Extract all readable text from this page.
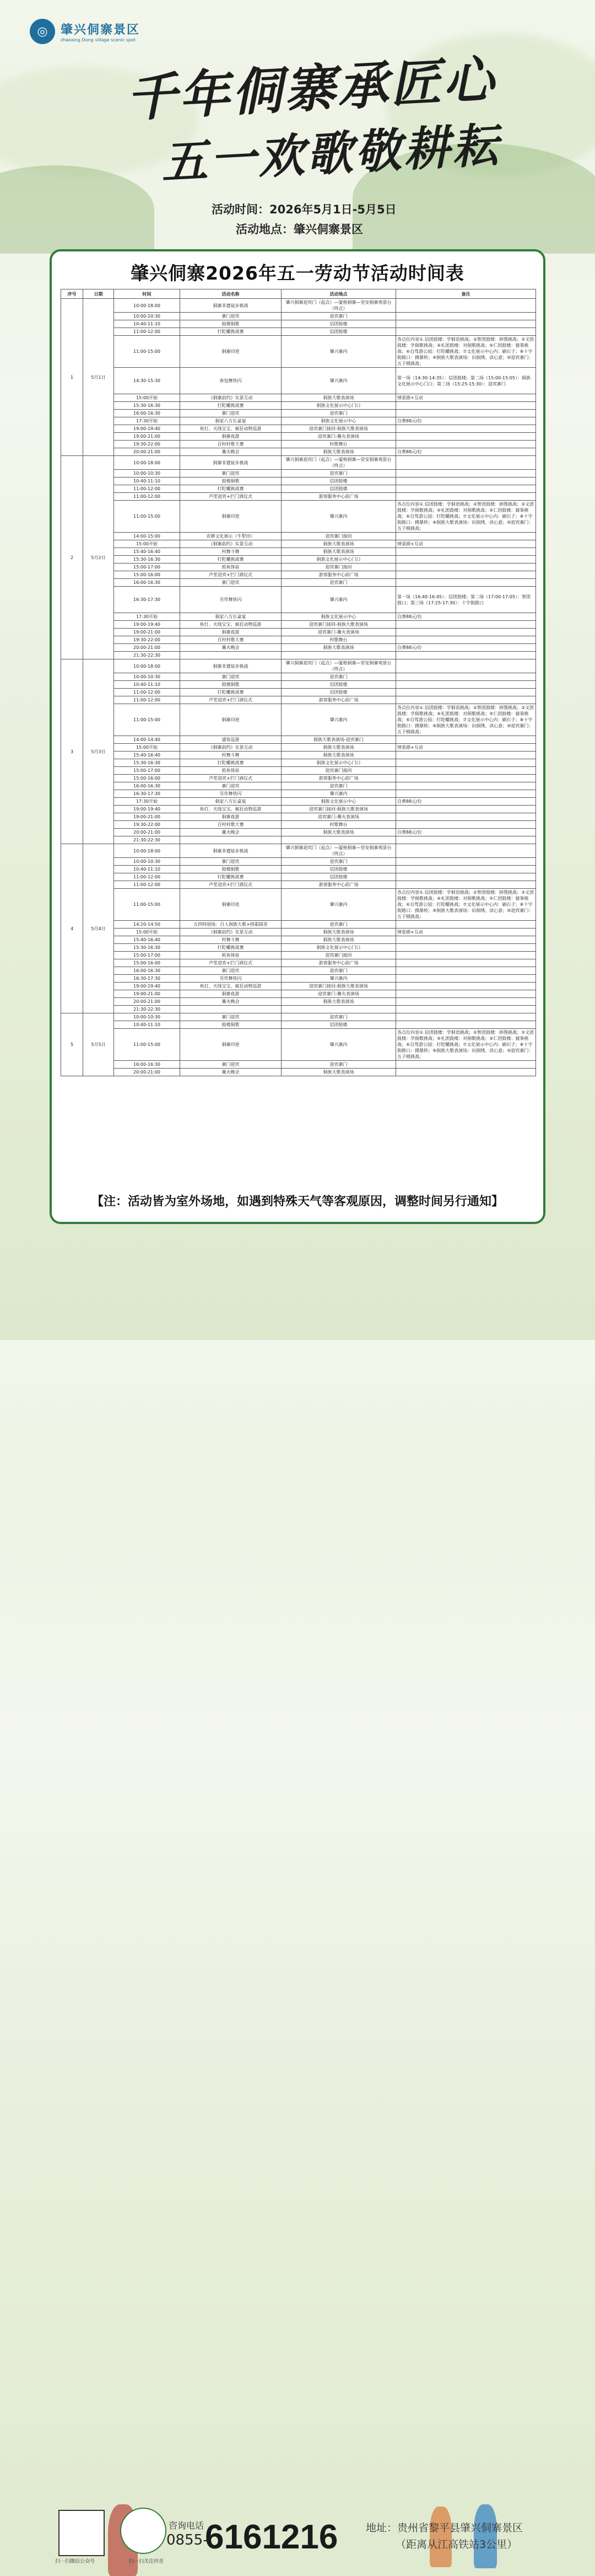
◎	肇兴侗寨景区
zhaoxing Dong village scenic spot
千年侗寨承匠心
五一欢歌敬耕耘
活动时间：2026年5月1日-5月5日
活动地点：肇兴侗寨景区
肇兴侗寨2026年五一劳动节活动时间表
序号	日期	时间	活动名称	活动地点	备注
1	5月1日	10:00-18:00	侗寨非遗徒步挑战	肇兴侗寨迎宾门（起点）—厦格侗寨—堂安侗寨观景台（终点）	
		10:00-10:30	寨门迎宾	迎宾寨门	
		10:40-11:10	鼓楼侗歌	信团鼓楼	
		11:00-12:00	打陀螺挑战赛	信团鼓楼	
		11:00-15:00	侗寨印迹	肇兴寨内	各点位内容①.信团鼓楼：学侗语挑战；②智团鼓楼：拼图挑战；③义团鼓楼：学侗歌挑战；④礼团鼓楼：对侗歌挑战；⑤仁团鼓楼：猜拳挑战；⑥自驾游公园：打陀螺挑战；⑦文化展示中心内：刷石子；⑧十字街路口：摸鼎转；⑨侗族大歌表演场：识侗绣、读心意；⑩迎宾寨门：五子棋挑战；
		14:30-15:30	春包舞快闪	肇兴寨内	第一场（14:30-14:35）：信团鼓楼；第二场（15:00-15:05）：侗族文化展示中心门口；第三场（15:25-15:30）：迎宾寨门
		15:00开始	《侗寨前约》实景互动	侗族大歌表演场	情景剧+互动
		15:30-16:30	打陀螺挑战赛	侗族文化展示中心门口	
		16:00-16:30	寨门迎宾	迎宾寨门	
		17:30开始	侗家八方长桌宴	侗族文化展示中心	自费88元/位
		19:00-19:40	鱼灯、天线宝宝、疯狂动物巡游	迎宾寨门接回-侗族大歌表演场	
		19:00-21:00	侗寨夜游	迎宾寨门-篝火表演场	
		19:30-22:00	百村村歌大赛	村歌舞台	
		20:00-21:00	篝火晚会	侗族大歌表演场	自费88元/位
2	5月2日	10:00-18:00	侗寨非遗徒步挑战	肇兴侗寨迎宾门（起点）—厦格侗寨—堂安侗寨观景台（终点）	
		10:00-10:30	寨门迎宾	迎宾寨门	
		10:40-11:10	鼓楼侗歌	信团鼓楼	
		11:00-12:00	打陀螺挑战赛	信团鼓楼	
		11:00-12:00	芦笙迎宾+拦门酒仪式	游客服务中心前广场	
		11:00-15:00	侗寨印迹	肇兴寨内	各点位内容①.信团鼓楼：学侗语挑战；②智团鼓楼：拼图挑战；③义团鼓楼：学侗歌挑战；④礼团鼓楼：对侗歌挑战；⑤仁团鼓楼：猜拳挑战；⑥自驾游公园：打陀螺挑战；⑦文化展示中心内：刷石子；⑧十字街路口：摸鼎转；⑨侗族大歌表演场：识侗绣、读心意；⑩迎宾寨门：五子棋挑战；
		14:00-15:00	农耕文化展示（牛犁田）	迎宾寨门接回	
		15:00开始	《侗寨前约》实景互动	侗族大歌表演场	情景剧+互动
		15:40-16:40	村舞斗舞	侗族大歌表演场	
		15:30-16:30	打陀螺挑战赛	侗族文化展示中心门口	
		15:00-17:00	抓鱼体验	迎宾寨门接回	
		15:00-16:00	芦笙迎宾+拦门酒仪式	游客服务中心前广场	
		16:00-16:30	寨门迎宾	迎宾寨门	
		16:30-17:30	另作舞快闪	肇兴寨内	第一场（16:40-16:45）：信团鼓楼；第二场（17:00-17:05）：智团鼓口；第三场（17:25-17:30）：十字街路口
		17:30开始	侗家八方长桌宴	侗族文化展示中心	自费88元/位
		19:00-19:40	鱼灯、天线宝宝、疯狂动物巡游	迎宾寨门接回-侗族大歌表演场	
		19:00-21:00	侗寨夜游	迎宾寨门-篝火表演场	
		19:30-22:00	百村村歌大赛	村歌舞台	
		20:00-21:00	篝火晚会	侗族大歌表演场	自费88元/位
		21:30-22:30			
3	5月3日	10:00-18:00	侗寨非遗徒步挑战	肇兴侗寨迎宾门（起点）—厦格侗寨—堂安侗寨观景台（终点）	
		10:00-10:30	寨门迎宾	迎宾寨门	
		10:40-11:10	鼓楼侗歌	信团鼓楼	
		11:00-12:00	打陀螺挑战赛	信团鼓楼	
		11:00-12:00	芦笙迎宾+拦门酒仪式	游客服务中心前广场	
		11:00-15:00	侗寨印迹	肇兴寨内	各点位内容①.信团鼓楼：学侗语挑战；②智团鼓楼：拼图挑战；③义团鼓楼：学侗歌挑战；④礼团鼓楼：对侗歌挑战；⑤仁团鼓楼：猜拳挑战；⑥自驾游公园：打陀螺挑战；⑦文化展示中心内：刷石子；⑧十字街路口：摸鼎转；⑨侗族大歌表演场：识侗绣、读心意；⑩迎宾寨门：五子棋挑战；
		14:00-14:40	盛装巡游	侗族大歌表演场-迎宾寨门	
		15:00开始	《侗寨前约》实景互动	侗族大歌表演场	情景剧+互动
		15:40-16:40	村舞斗舞	侗族大歌表演场	
		15:30-16:30	打陀螺挑战赛	侗族文化展示中心门口	
		15:00-17:00	抓鱼体验	迎宾寨门接回	
		15:00-16:00	芦笙迎宾+拦门酒仪式	游客服务中心前广场	
		16:00-16:30	寨门迎宾	迎宾寨门	
		16:30-17:30	另作舞快闪	肇兴寨内	
		17:30开始	侗家八方长桌宴	侗族文化展示中心	自费88元/位
		19:00-19:40	鱼灯、天线宝宝、疯狂动物巡游	迎宾寨门接回-侗族大歌表演场	
		19:00-21:00	侗寨夜游	迎宾寨门-篝火表演场	
		19:30-22:00	百村村歌大赛	村歌舞台	
		20:00-21:00	篝火晚会	侗族大歌表演场	自费88元/位
		21:30-22:30			
4	5月4日	10:00-18:00	侗寨非遗徒步挑战	肇兴侗寨迎宾门（起点）—厦格侗寨—堂安侗寨观景台（终点）	
		10:00-10:30	寨门迎宾	迎宾寨门	
		10:40-11:10	鼓楼侗歌	信团鼓楼	
		11:00-12:00	打陀螺挑战赛	信团鼓楼	
		11:00-12:00	芦笙迎宾+拦门酒仪式	游客服务中心前广场	
		11:00-15:00	侗寨印迹	肇兴寨内	各点位内容①.信团鼓楼：学侗语挑战；②智团鼓楼：拼图挑战；③义团鼓楼：学侗歌挑战；④礼团鼓楼：对侗歌挑战；⑤仁团鼓楼：猜拳挑战；⑥自驾游公园：打陀螺挑战；⑦文化展示中心内：刷石子；⑧十字街路口：摸鼎转；⑨侗族大歌表演场：识侗绣、读心意；⑩迎宾寨门：五子棋挑战；
		14:20-14:50	五四特别场：百人侗族大歌+移耶踩堂	迎宾寨门	
		15:00开始	《侗寨前约》实景互动	侗族大歌表演场	情景剧+互动
		15:40-16:40	村舞斗舞	侗族大歌表演场	
		15:30-16:30	打陀螺挑战赛	侗族文化展示中心门口	
		15:00-17:00	抓鱼体验	迎宾寨门接回	
		15:00-16:00	芦笙迎宾+拦门酒仪式	游客服务中心前广场	
		16:00-16:30	寨门迎宾	迎宾寨门	
		16:30-17:30	另作舞快闪	肇兴寨内	
		19:00-19:40	鱼灯、天线宝宝、疯狂动物巡游	迎宾寨门接回-侗族大歌表演场	
		19:00-21:00	侗寨夜游	迎宾寨门-篝火表演场	
		20:00-21:00	篝火晚会	侗族大歌表演场	
		21:30-22:30			
5	5月5日	10:00-10:30	寨门迎宾	迎宾寨门	
		10:40-11:10	鼓楼侗歌	信团鼓楼	
		11:00-15:00	侗寨印迹	肇兴寨内	各点位内容①.信团鼓楼：学侗语挑战；②智团鼓楼：拼图挑战；③义团鼓楼：学侗歌挑战；④礼团鼓楼：对侗歌挑战；⑤仁团鼓楼：猜拳挑战；⑥自驾游公园：打陀螺挑战；⑦文化展示中心内：刷石子；⑧十字街路口：摸鼎转；⑨侗族大歌表演场：识侗绣、读心意；⑩迎宾寨门：五子棋挑战；
		16:00-16:30	寨门迎宾	迎宾寨门	
		20:00-21:00	篝火晚会	侗族大歌表演场	
【注：活动皆为室外场地，如遇到特殊天气等客观原因，调整时间另行通知】
扫一扫微信公众号	扫一扫关注抖音
咨询电话
0855-
6161216	地址：贵州省黎平县肇兴侗寨景区
（距离从江高铁站3公里）
